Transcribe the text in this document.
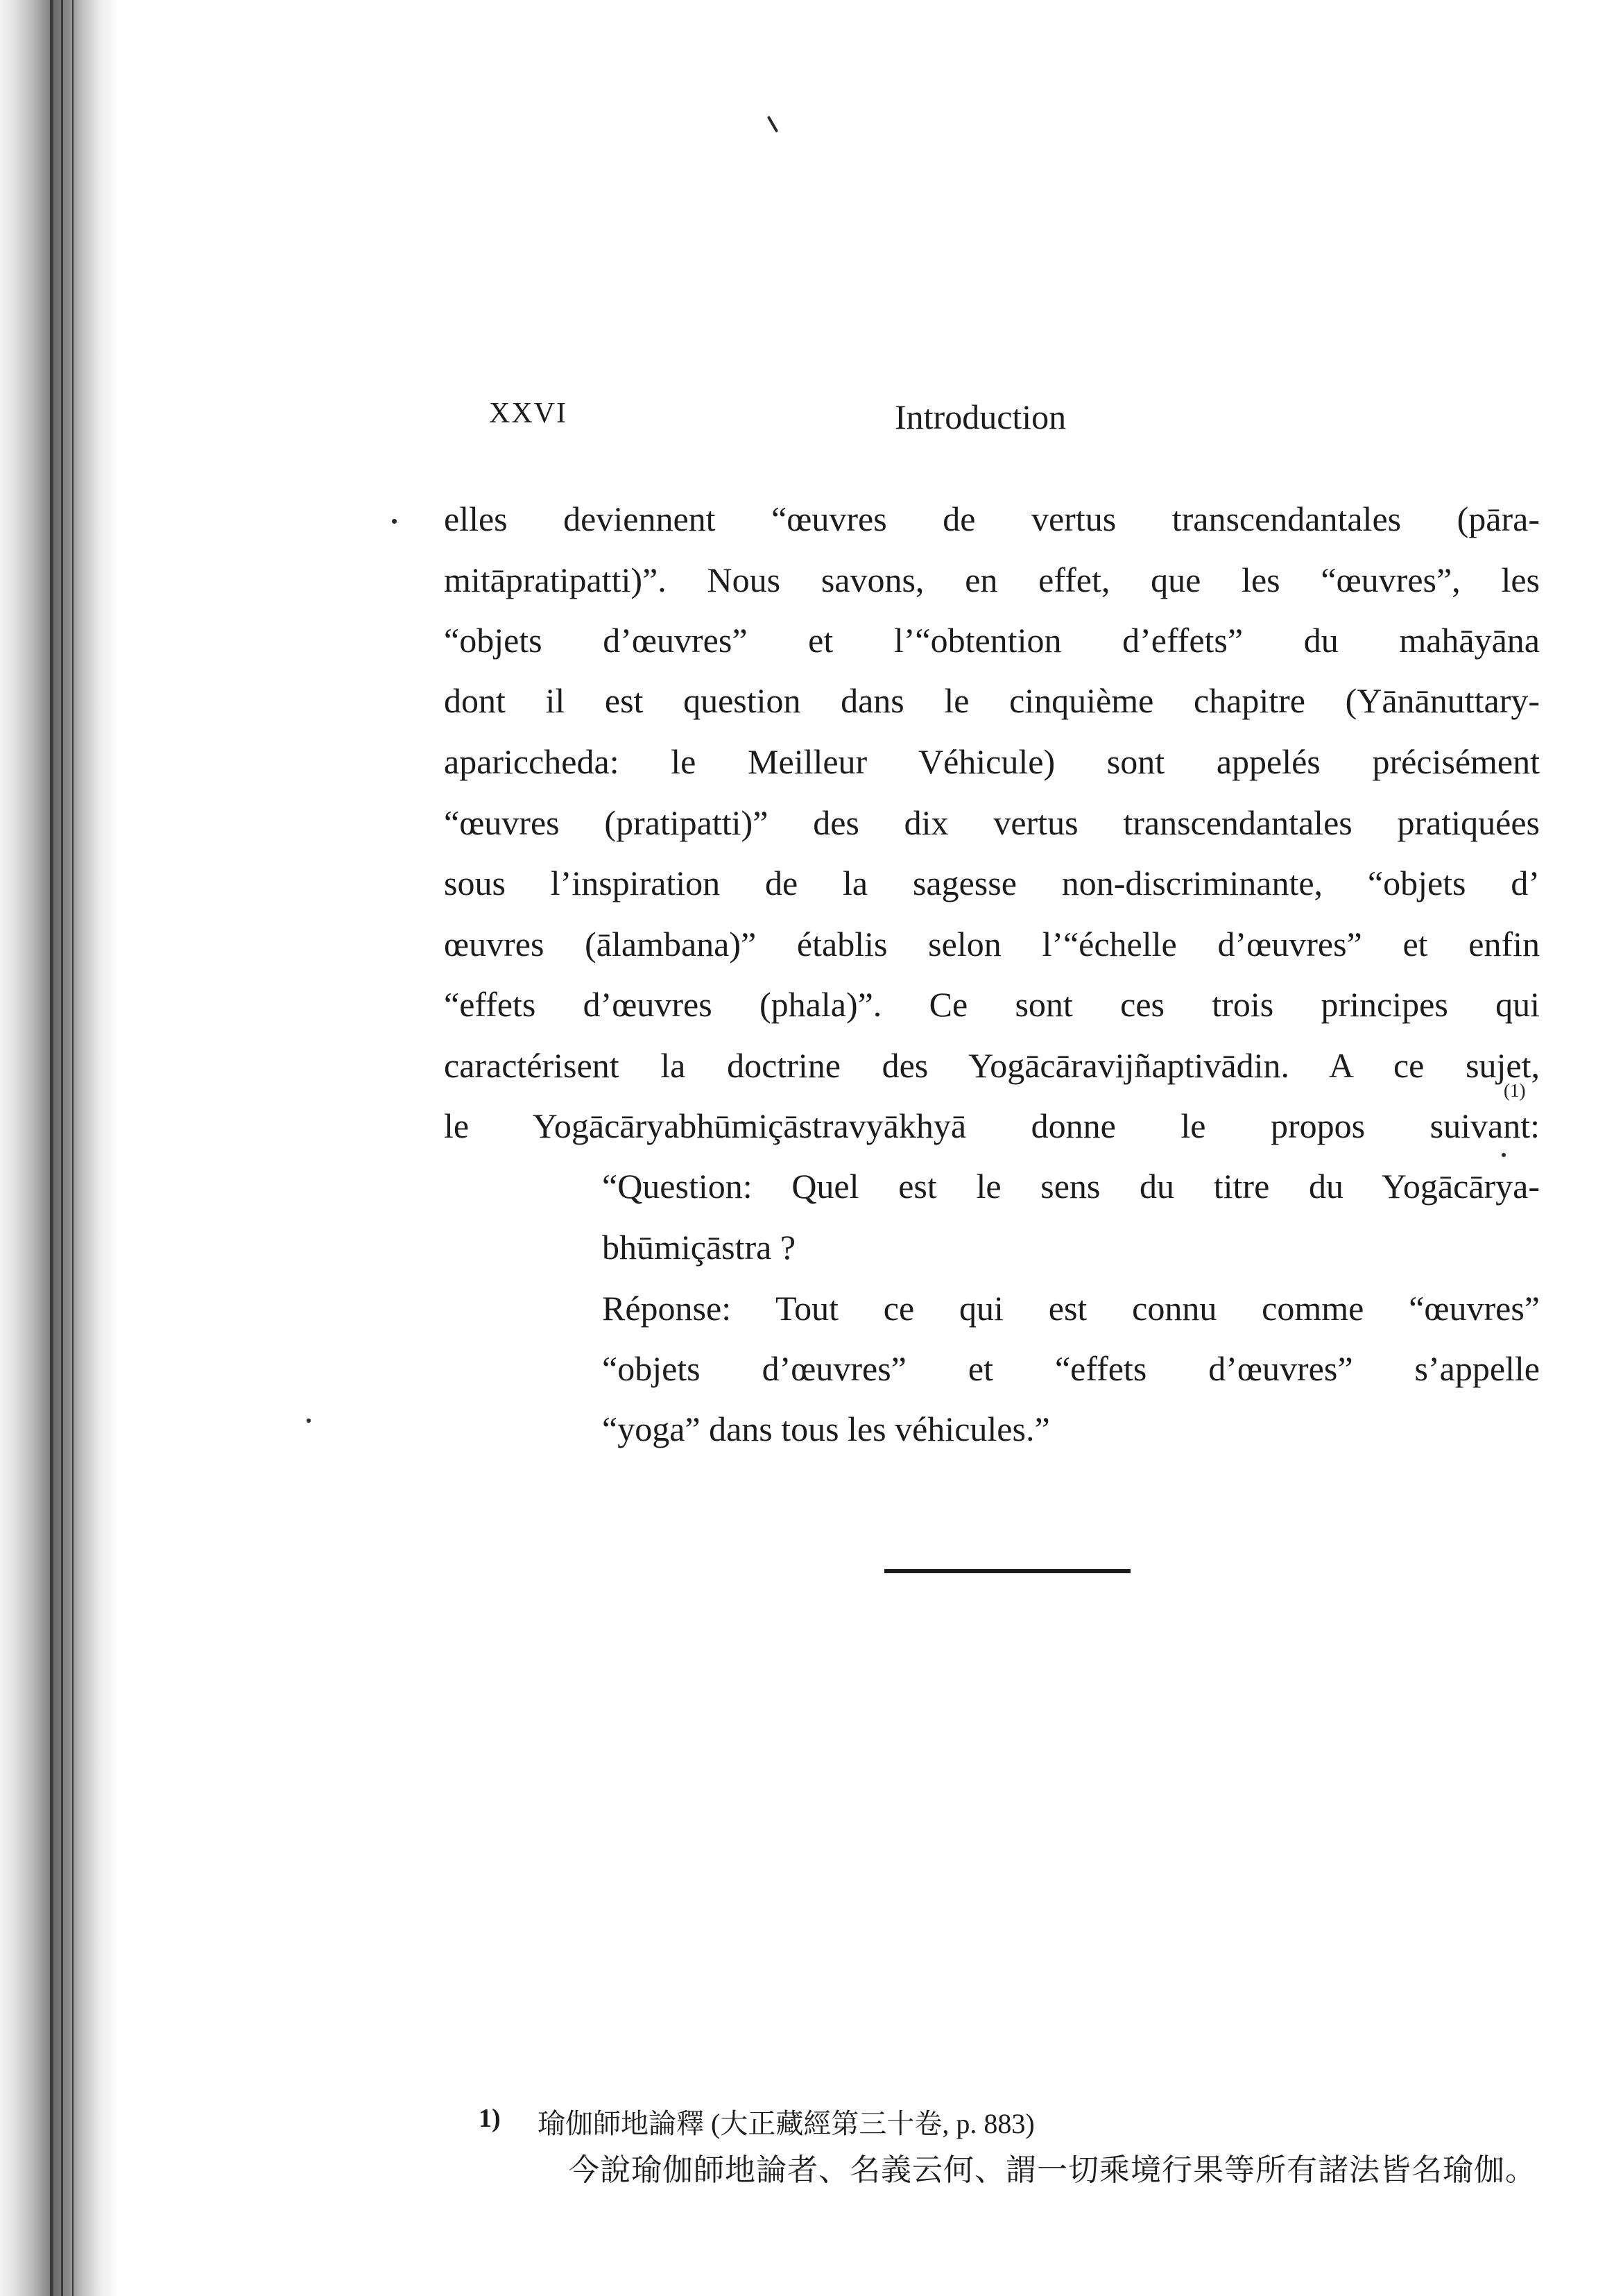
XXVI	Introduction
elles deviennent “œuvres de vertus transcendantales (pāra-
mitāpratipatti)”. Nous savons, en effet, que les “œuvres”, les
“objets d’œuvres” et l’“obtention d’effets” du mahāyāna
dont il est question dans le cinquième chapitre (Yānānuttary-
aparicchedа: le Meilleur Véhicule) sont appelés précisément
“œuvres (pratipatti)” des dix vertus transcendantales pratiquées
sous l’inspiration de la sagesse non-discriminante, “objets d’
œuvres (ālambana)” établis selon l’“échelle d’œuvres” et enfin
“effets d’œuvres (phala)”. Ce sont ces trois principes qui
caractérisent la doctrine des Yogācāravijñaptivādin. A ce sujet,
le Yogācāryabhūmiçāstravyākhyā donne le propos suivant:
(1)
“Question: Quel est le sens du titre du Yogācārya-
bhūmiçāstra ?
Réponse: Tout ce qui est connu comme “œuvres”
“objets d’œuvres” et “effets d’œuvres” s’appelle
“yoga” dans tous les véhicules.”
1) 瑜伽師地論釋 (大正藏經第三十卷, p. 883)
今說瑜伽師地論者、名義云何、謂一切乘境行果等所有諸法皆名瑜伽。
